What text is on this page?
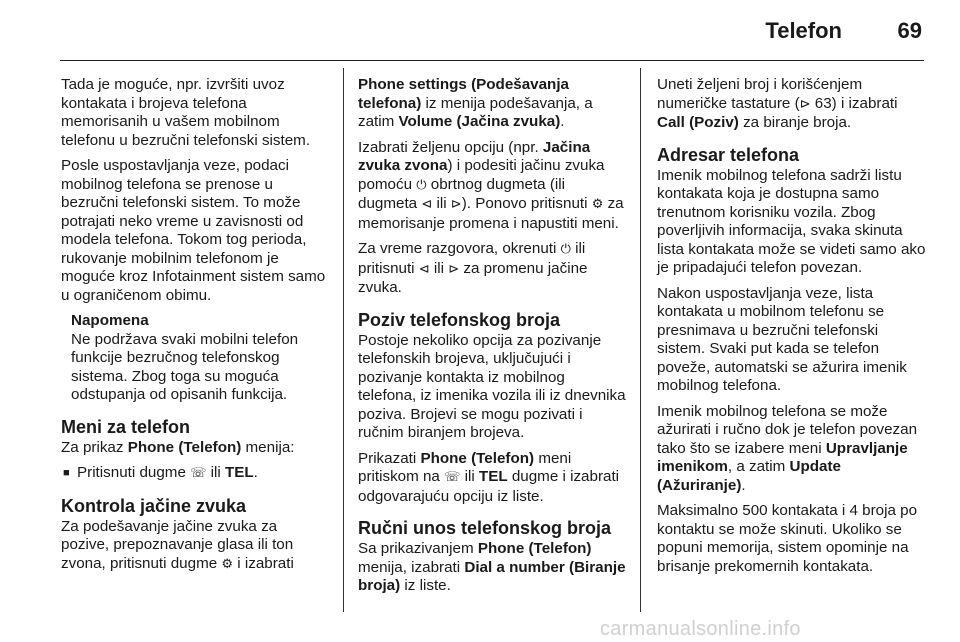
Telefon	69

Tada je moguće, npr. izvršiti uvoz kontakata i brojeva telefona memorisanih u vašem mobilnom telefonu u bezručni telefonski sistem.

Posle uspostavljanja veze, podaci mobilnog telefona se prenose u bezručni telefonski sistem. To može potrajati neko vreme u zavisnosti od modela telefona. Tokom tog perioda, rukovanje mobilnim telefonom je moguće kroz Infotainment sistem samo u ograničenom obimu.

Napomena
Ne podržava svaki mobilni telefon funkcije bezručnog telefonskog sistema. Zbog toga su moguća odstupanja od opisanih funkcija.
Meni za telefon

Za prikaz Phone (Telefon) menija:

■ Pritisnuti dugme ☏ ili TEL.
Kontrola jačine zvuka

Za podešavanje jačine zvuka za pozive, prepoznavanje glasa ili ton zvona, pritisnuti dugme ⚙ i izabrati

Phone settings (Podešavanja telefona) iz menija podešavanja, a zatim Volume (Jačina zvuka).

Izabrati željenu opciju (npr. Jačina zvuka zvona) i podesiti jačinu zvuka pomoću ⏻ obrtnog dugmeta (ili dugmeta ⊲ ili ⊳). Ponovo pritisnuti ⚙ za memorisanje promena i napustiti meni.

Za vreme razgovora, okrenuti ⏻ ili pritisnuti ⊲ ili ⊳ za promenu jačine zvuka.

Poziv telefonskog broja

Postoje nekoliko opcija za pozivanje telefonskih brojeva, uključujući i pozivanje kontakta iz mobilnog telefona, iz imenika vozila ili iz dnevnika poziva. Brojevi se mogu pozivati i ručnim biranjem brojeva.

Prikazati Phone (Telefon) meni pritiskom na ☏ ili TEL dugme i izabrati odgovarajuću opciju iz liste.

Ručni unos telefonskog broja

Sa prikazivanjem Phone (Telefon) menija, izabrati Dial a number (Biranje broja) iz liste.

Uneti željeni broj i korišćenjem numeričke tastature (⊳ 63) i izabrati Call (Poziv) za biranje broja.

Adresar telefona

Imenik mobilnog telefona sadrži listu kontakata koja je dostupna samo trenutnom korisniku vozila. Zbog poverljivih informacija, svaka skinuta lista kontakata može se videti samo ako je pripadajući telefon povezan.

Nakon uspostavljanja veze, lista kontakata u mobilnom telefonu se presnimava u bezručni telefonski sistem. Svaki put kada se telefon poveže, automatski se ažurira imenik mobilnog telefona.

Imenik mobilnog telefona se može ažurirati i ručno dok je telefon povezan tako što se izabere meni Upravljanje imenikom, a zatim Update (Ažuriranje).

Maksimalno 500 kontakata i 4 broja po kontaktu se može skinuti. Ukoliko se popuni memorija, sistem opominje na brisanje prekomernih kontakata.

carmanualsonline.info
